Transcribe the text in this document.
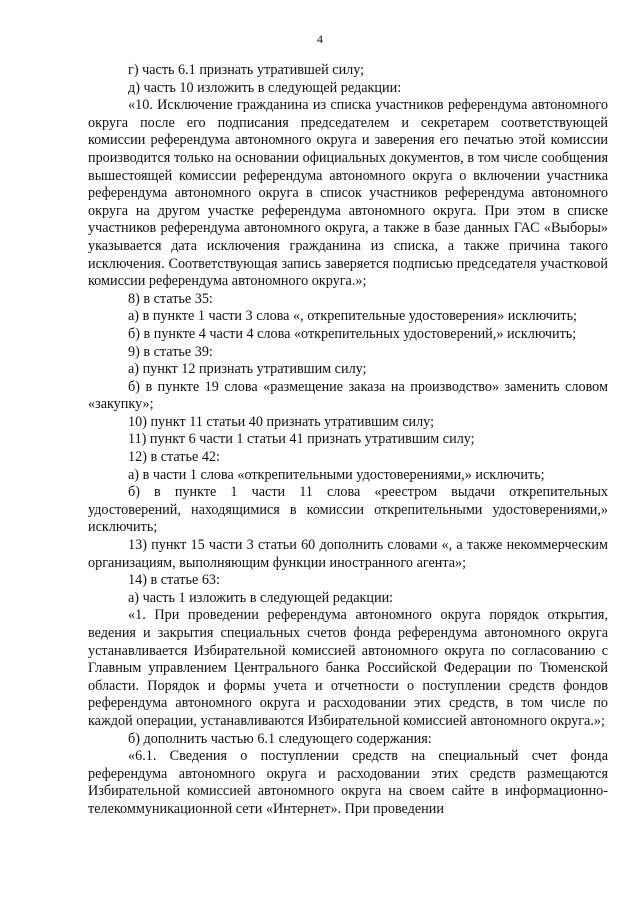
4

г) часть 6.1 признать утратившей силу;

д) часть 10 изложить в следующей редакции:

«10. Исключение гражданина из списка участников референдума автономного округа после его подписания председателем и секретарем соответствующей комиссии референдума автономного округа и заверения его печатью этой комиссии производится только на основании официальных документов, в том числе сообщения вышестоящей комиссии референдума автономного округа о включении участника референдума автономного округа в список участников референдума автономного округа на другом участке референдума автономного округа. При этом в списке участников референдума автономного округа, а также в базе данных ГАС «Выборы» указывается дата исключения гражданина из списка, а также причина такого исключения. Соответствующая запись заверяется подписью председателя участковой комиссии референдума автономного округа.»;

8) в статье 35:

а) в пункте 1 части 3 слова «, открепительные удостоверения» исключить;

б) в пункте 4 части 4 слова «открепительных удостоверений,» исключить;

9) в статье 39:

а) пункт 12 признать утратившим силу;

б) в пункте 19 слова «размещение заказа на производство» заменить словом «закупку»;

10) пункт 11 статьи 40 признать утратившим силу;

11) пункт 6 части 1 статьи 41 признать утратившим силу;

12) в статье 42:

а) в части 1 слова «открепительными удостоверениями,» исключить;

б) в пункте 1 части 11 слова «реестром выдачи открепительных удостоверений, находящимися в комиссии открепительными удостоверениями,» исключить;

13) пункт 15 части 3 статьи 60 дополнить словами «, а также некоммерческим организациям, выполняющим функции иностранного агента»;

14) в статье 63:

а) часть 1 изложить в следующей редакции:

«1. При проведении референдума автономного округа порядок открытия, ведения и закрытия специальных счетов фонда референдума автономного округа устанавливается Избирательной комиссией автономного округа по согласованию с Главным управлением Центрального банка Российской Федерации по Тюменской области. Порядок и формы учета и отчетности о поступлении средств фондов референдума автономного округа и расходовании этих средств, в том числе по каждой операции, устанавливаются Избирательной комиссией автономного округа.»;

б) дополнить частью 6.1 следующего содержания:

«6.1. Сведения о поступлении средств на специальный счет фонда референдума автономного округа и расходовании этих средств размещаются Избирательной комиссией автономного округа на своем сайте в информационно-телекоммуникационной сети «Интернет». При проведении
